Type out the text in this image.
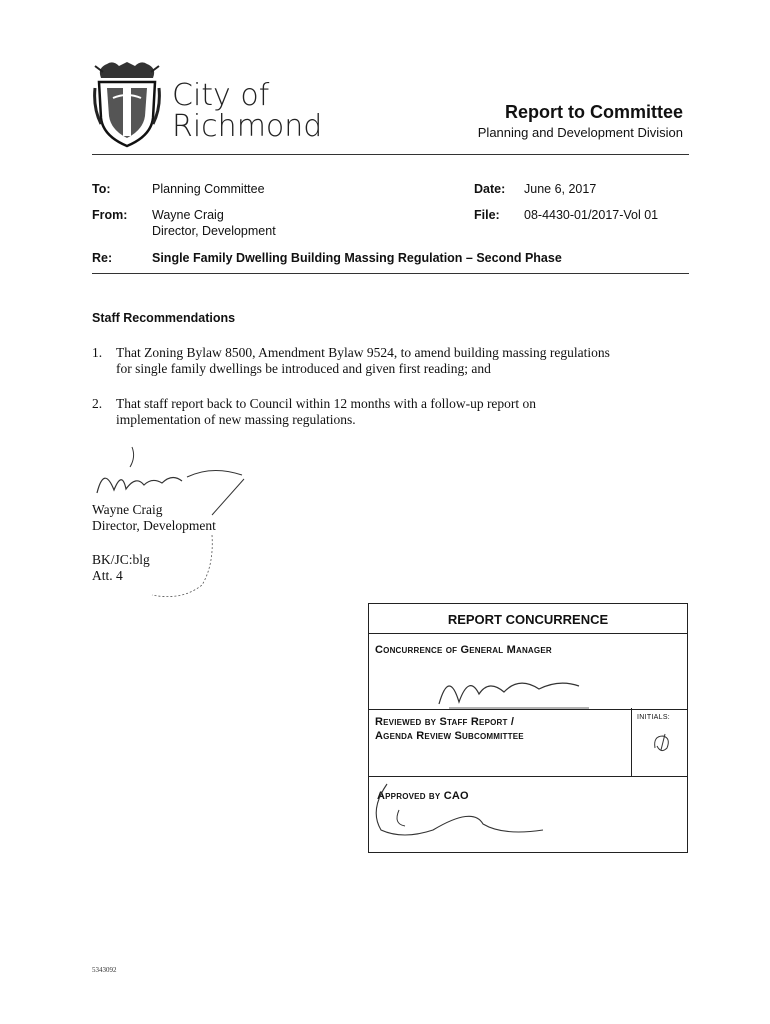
City of
Richmond	Report to Committee
Planning and Development Division
To:	Planning Committee	Date: June 6, 2017
From: Wayne Craig
Director, Development
File: 08-4430-01/2017-Vol 01
Re:	Single Family Dwelling Building Massing Regulation – Second Phase
Staff Recommendations
1.	That Zoning Bylaw 8500, Amendment Bylaw 9524, to amend building massing regulations
for single family dwellings be introduced and given first reading; and
2.	That staff report back to Council within 12 months with a follow-up report on
implementation of new massing regulations.
Wayne Craig
Director, Development
BK/JC:blg
Att. 4
REPORT CONCURRENCE
Concurrence of General Manager
Reviewed by Staff Report /
Agenda Review Subcommittee
INITIALS:
Approved by CAO
5343092
